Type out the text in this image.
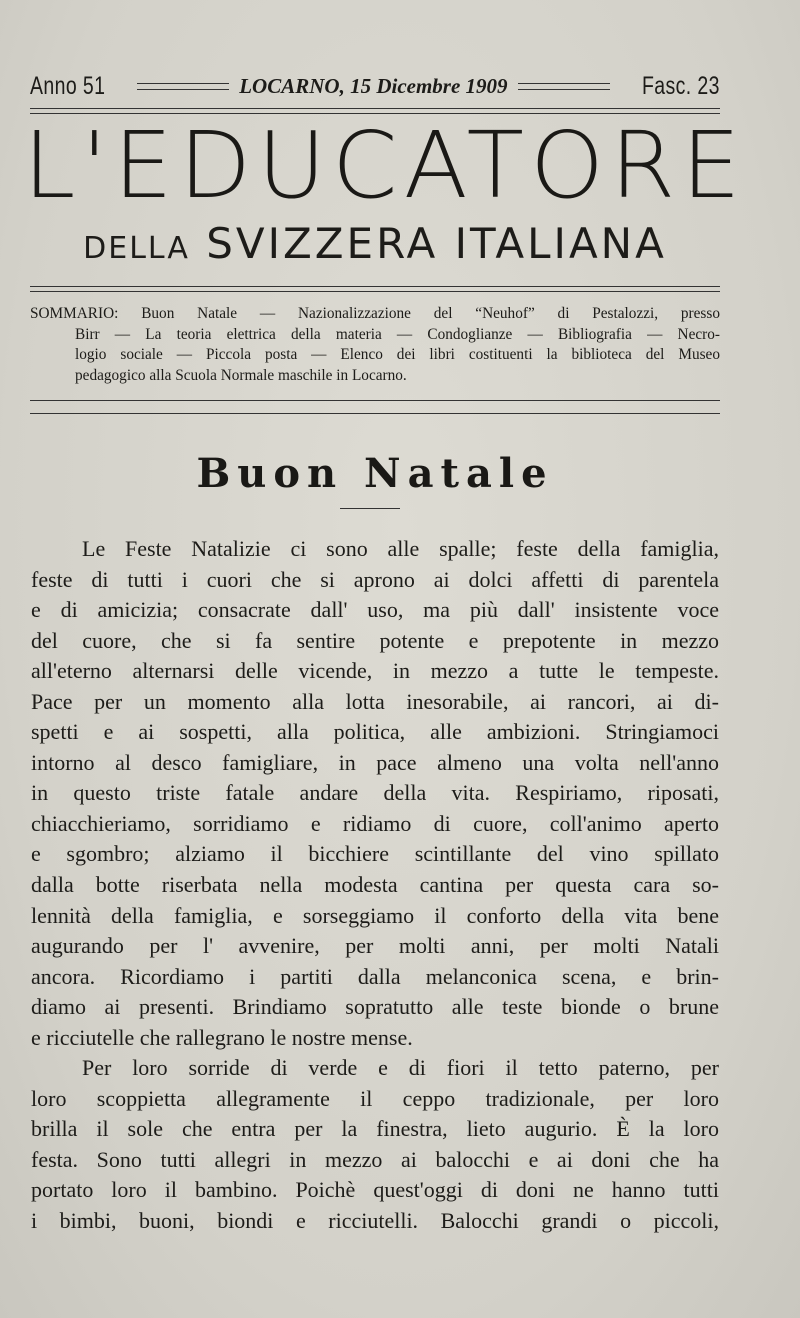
Anno 51	LOCARNO, 15 Dicembre 1909	Fasc. 23
L'EDUCATORE
DELLA SVIZZERA ITALIANA
SOMMARIO: Buon Natale — Nazionalizzazione del “Neuhof” di Pestalozzi, presso
Birr — La teoria elettrica della materia — Condoglianze — Bibliografia — Necro-
logio sociale — Piccola posta — Elenco dei libri costituenti la biblioteca del Museo
pedagogico alla Scuola Normale maschile in Locarno.
Buon Natale
Le Feste Natalizie ci sono alle spalle; feste della famiglia,
feste di tutti i cuori che si aprono ai dolci affetti di parentela
e di amicizia; consacrate dall' uso, ma più dall' insistente voce
del cuore, che si fa sentire potente e prepotente in mezzo
all'eterno alternarsi delle vicende, in mezzo a tutte le tempeste.
Pace per un momento alla lotta inesorabile, ai rancori, ai di-
spetti e ai sospetti, alla politica, alle ambizioni. Stringiamoci
intorno al desco famigliare, in pace almeno una volta nell'anno
in questo triste fatale andare della vita. Respiriamo, riposati,
chiacchieriamo, sorridiamo e ridiamo di cuore, coll'animo aperto
e sgombro; alziamo il bicchiere scintillante del vino spillato
dalla botte riserbata nella modesta cantina per questa cara so-
lennità della famiglia, e sorseggiamo il conforto della vita bene
augurando per l' avvenire, per molti anni, per molti Natali
ancora. Ricordiamo i partiti dalla melanconica scena, e brin-
diamo ai presenti. Brindiamo sopratutto alle teste bionde o brune
e ricciutelle che rallegrano le nostre mense.
Per loro sorride di verde e di fiori il tetto paterno, per
loro scoppietta allegramente il ceppo tradizionale, per loro
brilla il sole che entra per la finestra, lieto augurio. È la loro
festa. Sono tutti allegri in mezzo ai balocchi e ai doni che ha
portato loro il bambino. Poichè quest'oggi di doni ne hanno tutti
i bimbi, buoni, biondi e ricciutelli. Balocchi grandi o piccoli,
